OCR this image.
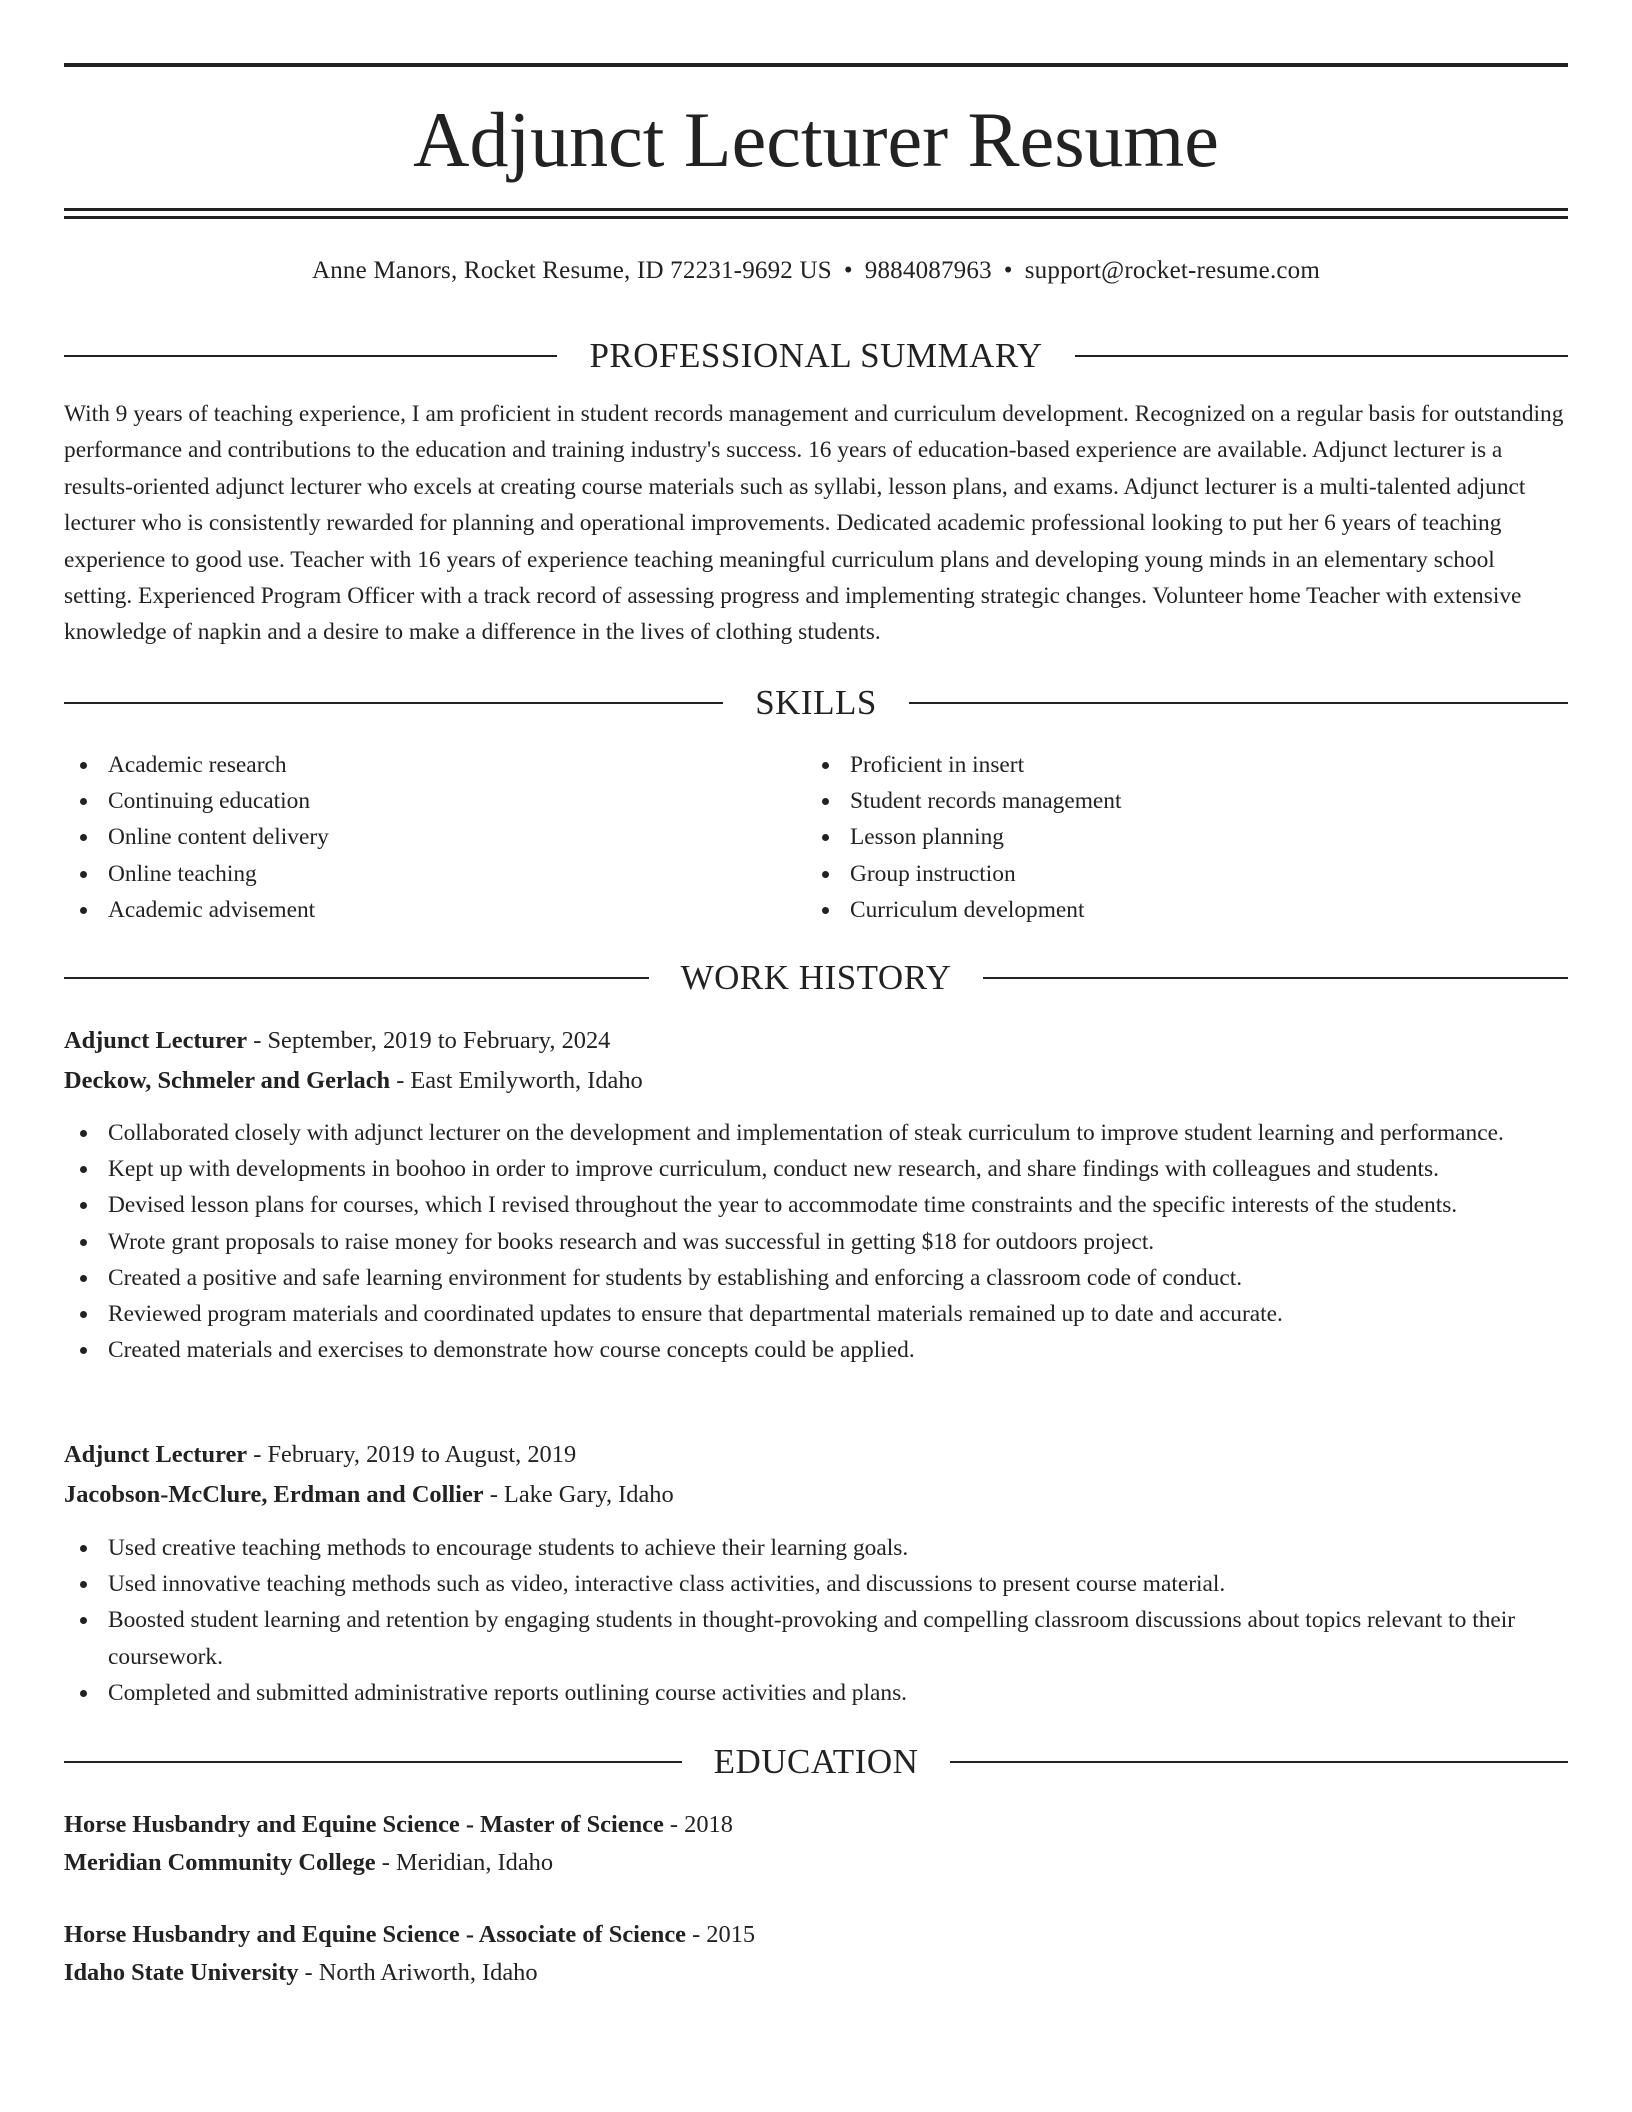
Adjunct Lecturer Resume
Anne Manors, Rocket Resume, ID 72231-9692 US • 9884087963 • support@rocket-resume.com
PROFESSIONAL SUMMARY

With 9 years of teaching experience, I am proficient in student records management and curriculum development. Recognized on a regular basis for outstanding performance and contributions to the education and training industry's success. 16 years of education-based experience are available. Adjunct lecturer is a results-oriented adjunct lecturer who excels at creating course materials such as syllabi, lesson plans, and exams. Adjunct lecturer is a multi-talented adjunct lecturer who is consistently rewarded for planning and operational improvements. Dedicated academic professional looking to put her 6 years of teaching experience to good use. Teacher with 16 years of experience teaching meaningful curriculum plans and developing young minds in an elementary school setting. Experienced Program Officer with a track record of assessing progress and implementing strategic changes. Volunteer home Teacher with extensive knowledge of napkin and a desire to make a difference in the lives of clothing students.

SKILLS
Academic research
Continuing education
Online content delivery
Online teaching
Academic advisement
Proficient in insert
Student records management
Lesson planning
Group instruction
Curriculum development
WORK HISTORY
Adjunct Lecturer - September, 2019 to February, 2024
Deckow, Schmeler and Gerlach - East Emilyworth, Idaho
Collaborated closely with adjunct lecturer on the development and implementation of steak curriculum to improve student learning and performance.
Kept up with developments in boohoo in order to improve curriculum, conduct new research, and share findings with colleagues and students.
Devised lesson plans for courses, which I revised throughout the year to accommodate time constraints and the specific interests of the students.
Wrote grant proposals to raise money for books research and was successful in getting $18 for outdoors project.
Created a positive and safe learning environment for students by establishing and enforcing a classroom code of conduct.
Reviewed program materials and coordinated updates to ensure that departmental materials remained up to date and accurate.
Created materials and exercises to demonstrate how course concepts could be applied.
Adjunct Lecturer - February, 2019 to August, 2019
Jacobson-McClure, Erdman and Collier - Lake Gary, Idaho
Used creative teaching methods to encourage students to achieve their learning goals.
Used innovative teaching methods such as video, interactive class activities, and discussions to present course material.
Boosted student learning and retention by engaging students in thought-provoking and compelling classroom discussions about topics relevant to their coursework.
Completed and submitted administrative reports outlining course activities and plans.
EDUCATION
Horse Husbandry and Equine Science - Master of Science - 2018
Meridian Community College - Meridian, Idaho
Horse Husbandry and Equine Science - Associate of Science - 2015
Idaho State University - North Ariworth, Idaho
